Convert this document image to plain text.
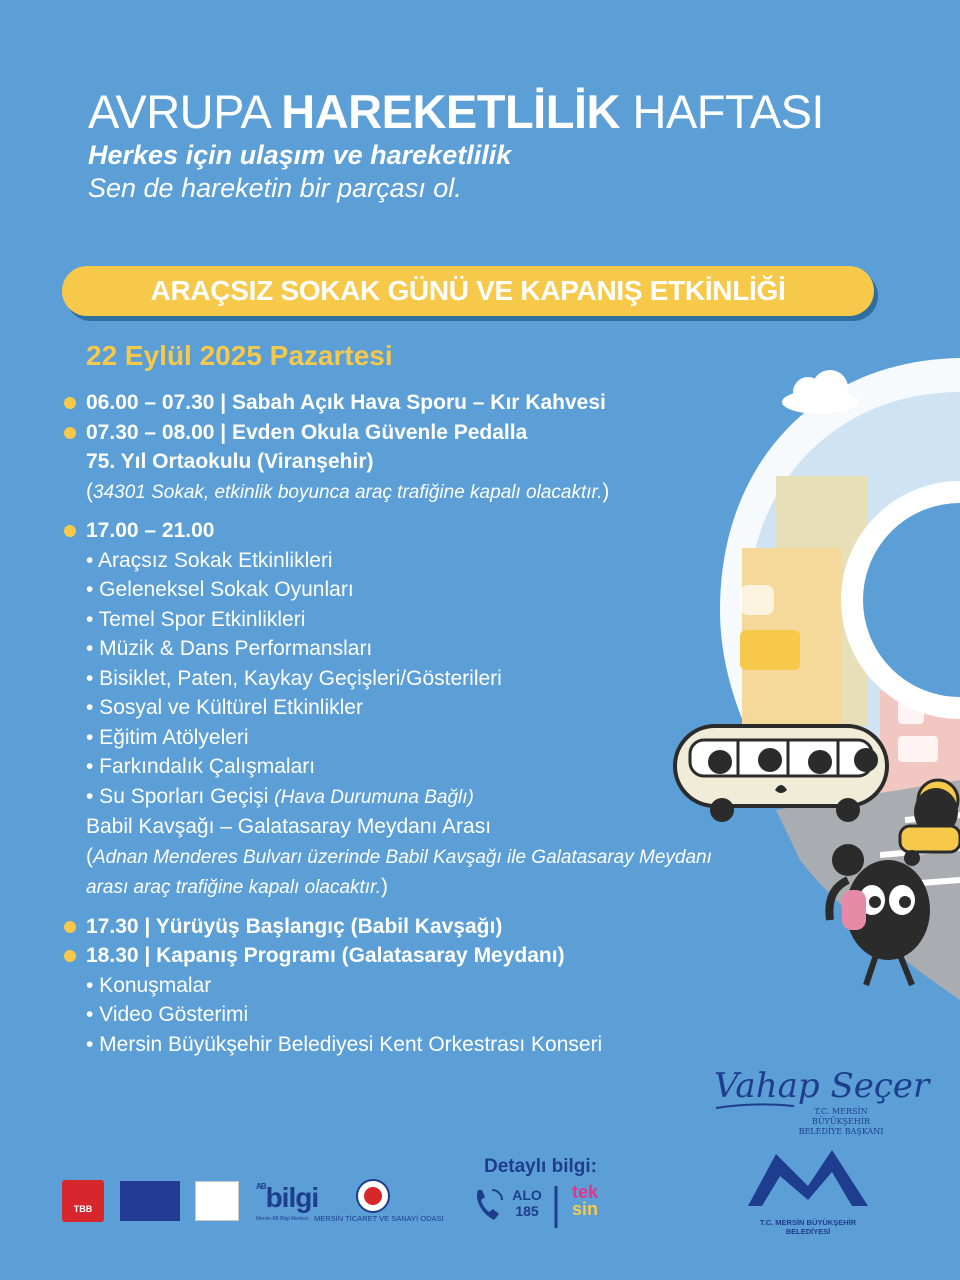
AVRUPA HAREKETLİLİK HAFTASI
Herkes için ulaşım ve hareketlilik
Sen de hareketin bir parçası ol.
ARAÇSIZ SOKAK GÜNÜ VE KAPANIŞ ETKİNLİĞİ
22 Eylül 2025 Pazartesi
06.00 – 07.30 | Sabah Açık Hava Sporu – Kır Kahvesi
07.30 – 08.00 | Evden Okula Güvenle Pedalla
75. Yıl Ortaokulu (Viranşehir)
(34301 Sokak, etkinlik boyunca araç trafiğine kapalı olacaktır.)
17.00 – 21.00
• Araçsız Sokak Etkinlikleri
• Geleneksel Sokak Oyunları
• Temel Spor Etkinlikleri
• Müzik & Dans Performansları
• Bisiklet, Paten, Kaykay Geçişleri/Gösterileri
• Sosyal ve Kültürel Etkinlikler
• Eğitim Atölyeleri
• Farkındalık Çalışmaları
• Su Sporları Geçişi (Hava Durumuna Bağlı)
Babil Kavşağı – Galatasaray Meydanı Arası
(Adnan Menderes Bulvarı üzerinde Babil Kavşağı ile Galatasaray Meydanı
arası araç trafiğine kapalı olacaktır.)
17.30 | Yürüyüş Başlangıç (Babil Kavşağı)
18.30 | Kapanış Programı (Galatasaray Meydanı)
• Konuşmalar
• Video Gösterimi
• Mersin Büyükşehir Belediyesi Kent Orkestrası Konseri
Vahap Seçer
T.C. MERSİN BÜYÜKŞEHİR
BELEDİYE BAŞKANI
T.C. MERSİN BÜYÜKŞEHİR BELEDİYESİ
Detaylı bilgi:
ALO
185
tek
sin
TBB
$^{AB}$bilgi
Mersin AB Bilgi Merkezi MERSİN TİCARET VE SANAYİ ODASI
